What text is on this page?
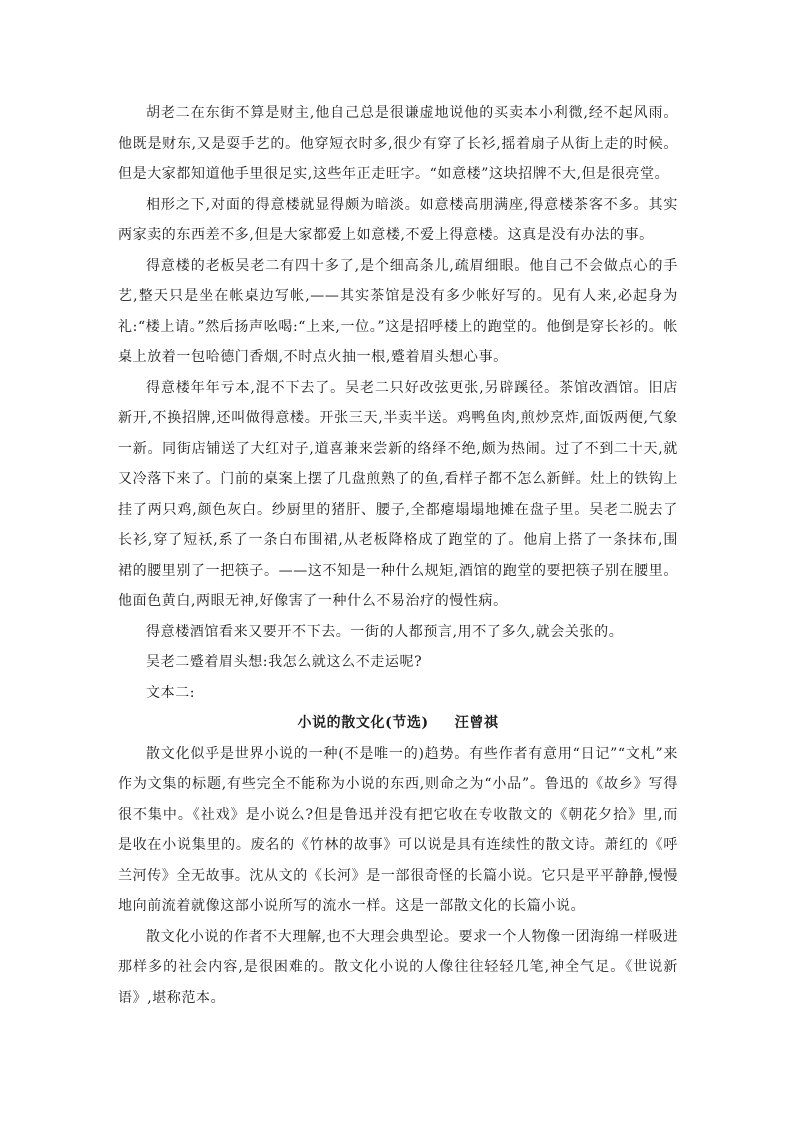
胡老二在东街不算是财主,他自己总是很谦虚地说他的买卖本小利微,经不起风雨。他既是财东,又是耍手艺的。他穿短衣时多,很少有穿了长衫,摇着扇子从街上走的时候。但是大家都知道他手里很足实,这些年正走旺字。“如意楼”这块招牌不大,但是很亮堂。

相形之下,对面的得意楼就显得颇为暗淡。如意楼高朋满座,得意楼茶客不多。其实两家卖的东西差不多,但是大家都爱上如意楼,不爱上得意楼。这真是没有办法的事。

得意楼的老板吴老二有四十多了,是个细高条儿,疏眉细眼。他自己不会做点心的手艺,整天只是坐在帐桌边写帐,——其实茶馆是没有多少帐好写的。见有人来,必起身为礼:“楼上请。”然后扬声吆喝:“上来,一位。”这是招呼楼上的跑堂的。他倒是穿长衫的。帐桌上放着一包哈德门香烟,不时点火抽一根,蹙着眉头想心事。

得意楼年年亏本,混不下去了。吴老二只好改弦更张,另辟蹊径。茶馆改酒馆。旧店新开,不换招牌,还叫做得意楼。开张三天,半卖半送。鸡鸭鱼肉,煎炒烹炸,面饭两便,气象一新。同街店铺送了大红对子,道喜兼来尝新的络绎不绝,颇为热闹。过了不到二十天,就又冷落下来了。门前的桌案上摆了几盘煎熟了的鱼,看样子都不怎么新鲜。灶上的铁钩上挂了两只鸡,颜色灰白。纱厨里的猪肝、腰子,全都瘪塌塌地摊在盘子里。吴老二脱去了长衫,穿了短袄,系了一条白布围裙,从老板降格成了跑堂的了。他肩上搭了一条抹布,围裙的腰里别了一把筷子。——这不知是一种什么规矩,酒馆的跑堂的要把筷子别在腰里。他面色黄白,两眼无神,好像害了一种什么不易治疗的慢性病。

得意楼酒馆看来又要开不下去。一街的人都预言,用不了多久,就会关张的。

吴老二蹙着眉头想:我怎么就这么不走运呢?

文本二:

小说的散文化(节选) 汪曾祺

散文化似乎是世界小说的一种(不是唯一的)趋势。有些作者有意用“日记”“文札”来作为文集的标题,有些完全不能称为小说的东西,则命之为“小品”。鲁迅的《故乡》写得很不集中。《社戏》是小说么?但是鲁迅并没有把它收在专收散文的《朝花夕拾》里,而是收在小说集里的。废名的《竹林的故事》可以说是具有连续性的散文诗。萧红的《呼兰河传》全无故事。沈从文的《长河》是一部很奇怪的长篇小说。它只是平平静静,慢慢地向前流着就像这部小说所写的流水一样。这是一部散文化的长篇小说。

散文化小说的作者不大理解,也不大理会典型论。要求一个人物像一团海绵一样吸进那样多的社会内容,是很困难的。散文化小说的人像往往轻轻几笔,神全气足。《世说新语》,堪称范本。
